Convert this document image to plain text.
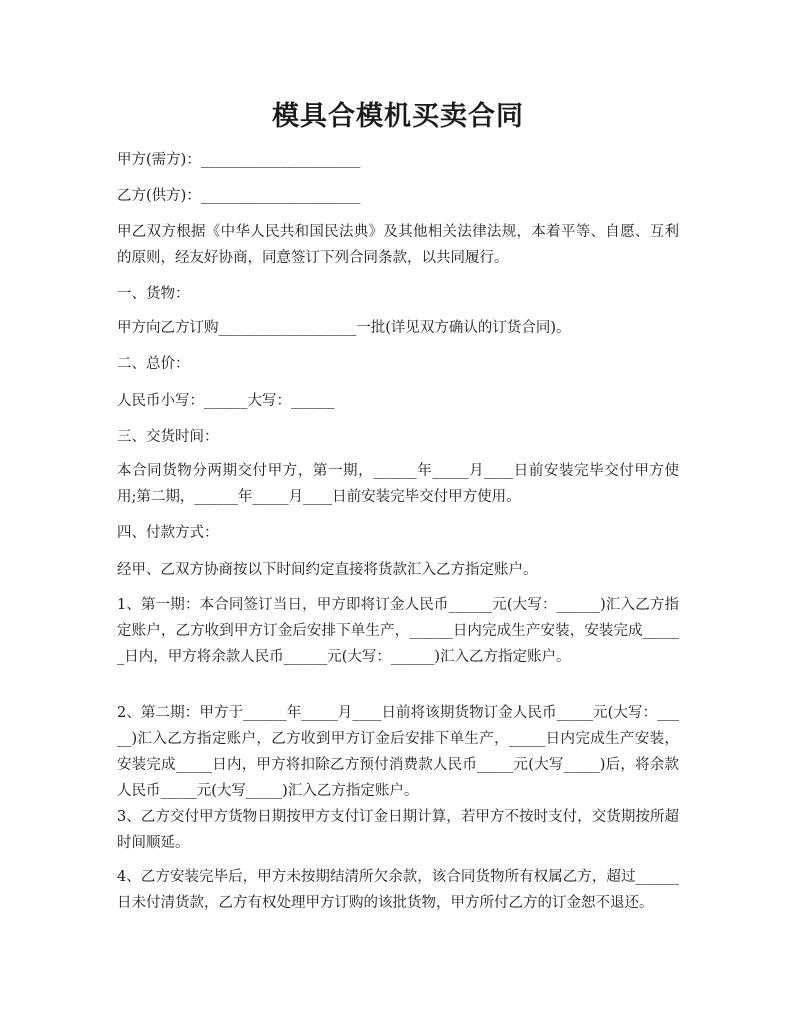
模具合模机买卖合同

甲方(需方)：______________________

乙方(供方)：______________________

甲乙双方根据《中华人民共和国民法典》及其他相关法律法规，本着平等、自愿、互利的原则，经友好协商，同意签订下列合同条款，以共同履行。

一、货物：

甲方向乙方订购___________________一批(详见双方确认的订货合同)。

二、总价：

人民币小写：______大写：______

三、交货时间：

本合同货物分两期交付甲方，第一期，______年_____月____日前安装完毕交付甲方使用;第二期，______年_____月____日前安装完毕交付甲方使用。

四、付款方式：

经甲、乙双方协商按以下时间约定直接将货款汇入乙方指定账户。

1、第一期：本合同签订当日，甲方即将订金人民币______元(大写：______)汇入乙方指定账户，乙方收到甲方订金后安排下单生产，______日内完成生产安装，安装完成______日内，甲方将余款人民币______元(大写：______)汇入乙方指定账户。

2、第二期：甲方于______年_____月____日前将该期货物订金人民币_____元(大写：_____)汇入乙方指定账户，乙方收到甲方订金后安排下单生产，_____日内完成生产安装，安装完成_____日内，甲方将扣除乙方预付消费款人民币_____元(大写_____)后，将余款人民币_____元(大写_____)汇入乙方指定账户。

3、乙方交付甲方货物日期按甲方支付订金日期计算，若甲方不按时支付，交货期按所超时间顺延。

4、乙方安装完毕后，甲方未按期结清所欠余款，该合同货物所有权属乙方，超过______日未付清货款，乙方有权处理甲方订购的该批货物，甲方所付乙方的订金恕不退还。
